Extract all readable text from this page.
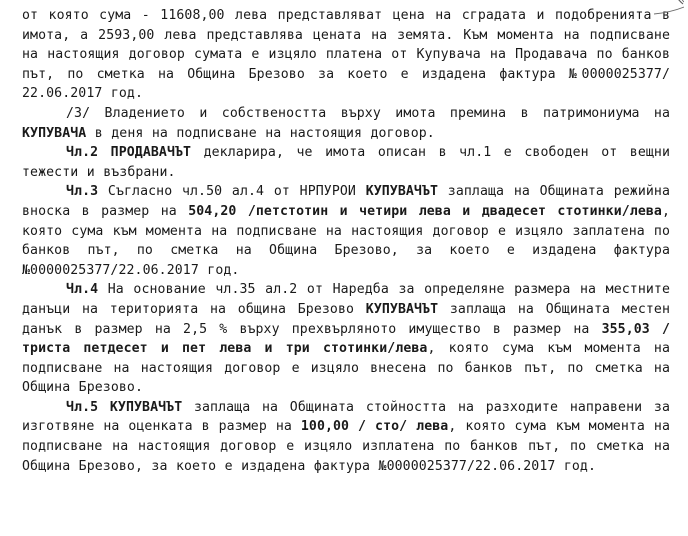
от която сума - 11608,00 лева представляват цена на сградата и подобренията в имота, а 2593,00 лева представлява цената на земята. Към момента на подписване на настоящия договор сумата е изцяло платена от Купувача на Продавача по банков път, по сметка на Община Брезово за което е издадена фактура №0000025377/ 22.06.2017 год.

/3/ Владението и собствеността върху имота премина в патримониума на КУПУВАЧА в деня на подписване на настоящия договор.

Чл.2 ПРОДАВАЧЪТ декларира, че имота описан в чл.1 е свободен от вещни тежести и възбрани.

Чл.3 Съгласно чл.50 ал.4 от НРПУРОИ КУПУВАЧЪТ заплаща на Общината режийна вноска в размер на 504,20 /петстотин и четири лева и двадесет стотинки/лева, която сума към момента на подписване на настоящия договор е изцяло заплатена по банков път, по сметка на Община Брезово, за което е издадена фактура №0000025377/22.06.2017 год.

Чл.4 На основание чл.35 ал.2 от Наредба за определяне размера на местните данъци на територията на община Брезово КУПУВАЧЪТ заплаща на Общината местен данък в размер на 2,5 % върху прехвърляното имущество в размер на 355,03 / триста петдесет и пет лева и три стотинки/лева, която сума към момента на подписване на настоящия договор е изцяло внесена по банков път, по сметка на Община Брезово.

Чл.5 КУПУВАЧЪТ заплаща на Общината стойността на разходите направени за изготвяне на оценката в размер на 100,00 / сто/ лева, която сума към момента на подписване на настоящия договор е изцяло изплатена по банков път, по сметка на Община Брезово, за което е издадена фактура №0000025377/22.06.2017 год.
